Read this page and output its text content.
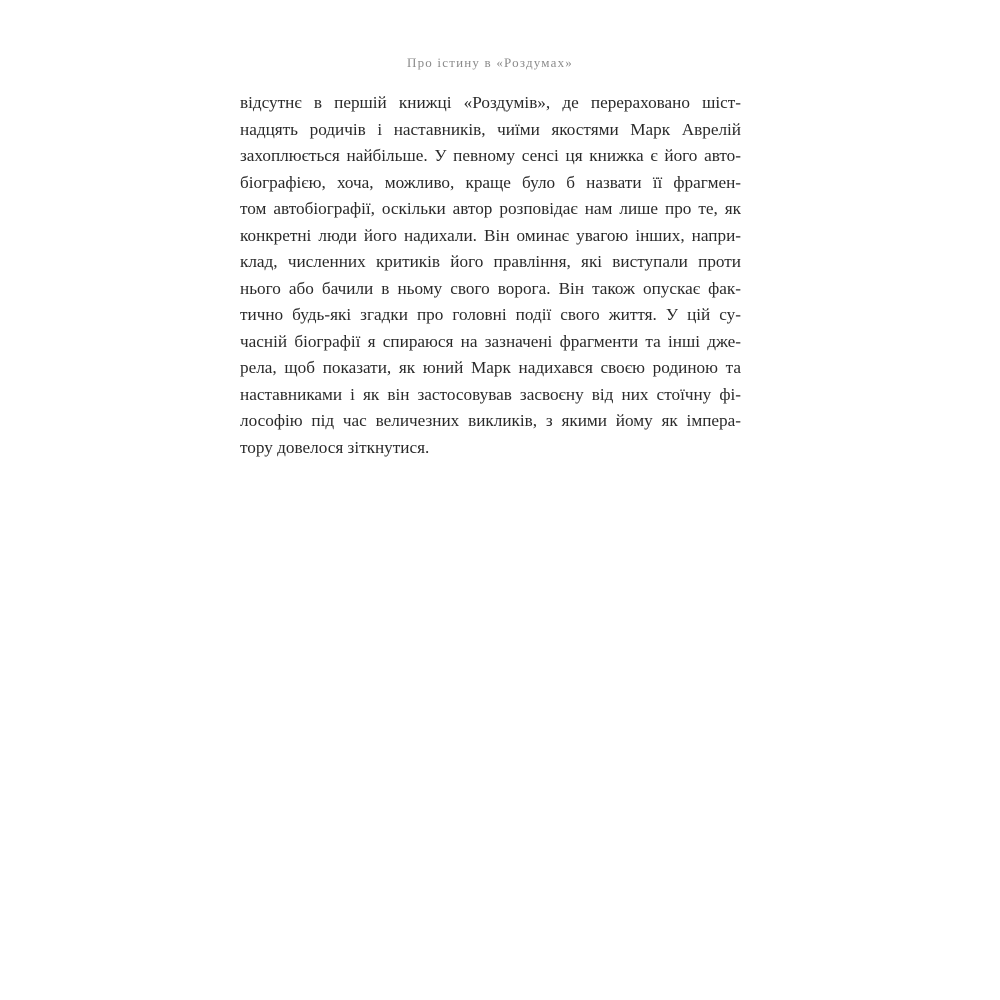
Про істину в «Роздумах»
відсутнє в першій книжці «Роздумів», де перераховано шіст-
надцять родичів і наставників, чиїми якостями Марк Аврелій
захоплюється найбільше. У певному сенсі ця книжка є його авто-
біографією, хоча, можливо, краще було б назвати її фрагмен-
том автобіографії, оскільки автор розповідає нам лише про те, як
конкретні люди його надихали. Він оминає увагою інших, напри-
клад, численних критиків його правління, які виступали проти
нього або бачили в ньому свого ворога. Він також опускає фак-
тично будь-які згадки про головні події свого життя. У цій су-
часній біографії я спираюся на зазначені фрагменти та інші дже-
рела, щоб показати, як юний Марк надихався своєю родиною та
наставниками і як він застосовував засвоєну від них стоїчну фі-
лософію під час величезних викликів, з якими йому як імпера-
тору довелося зіткнутися.
